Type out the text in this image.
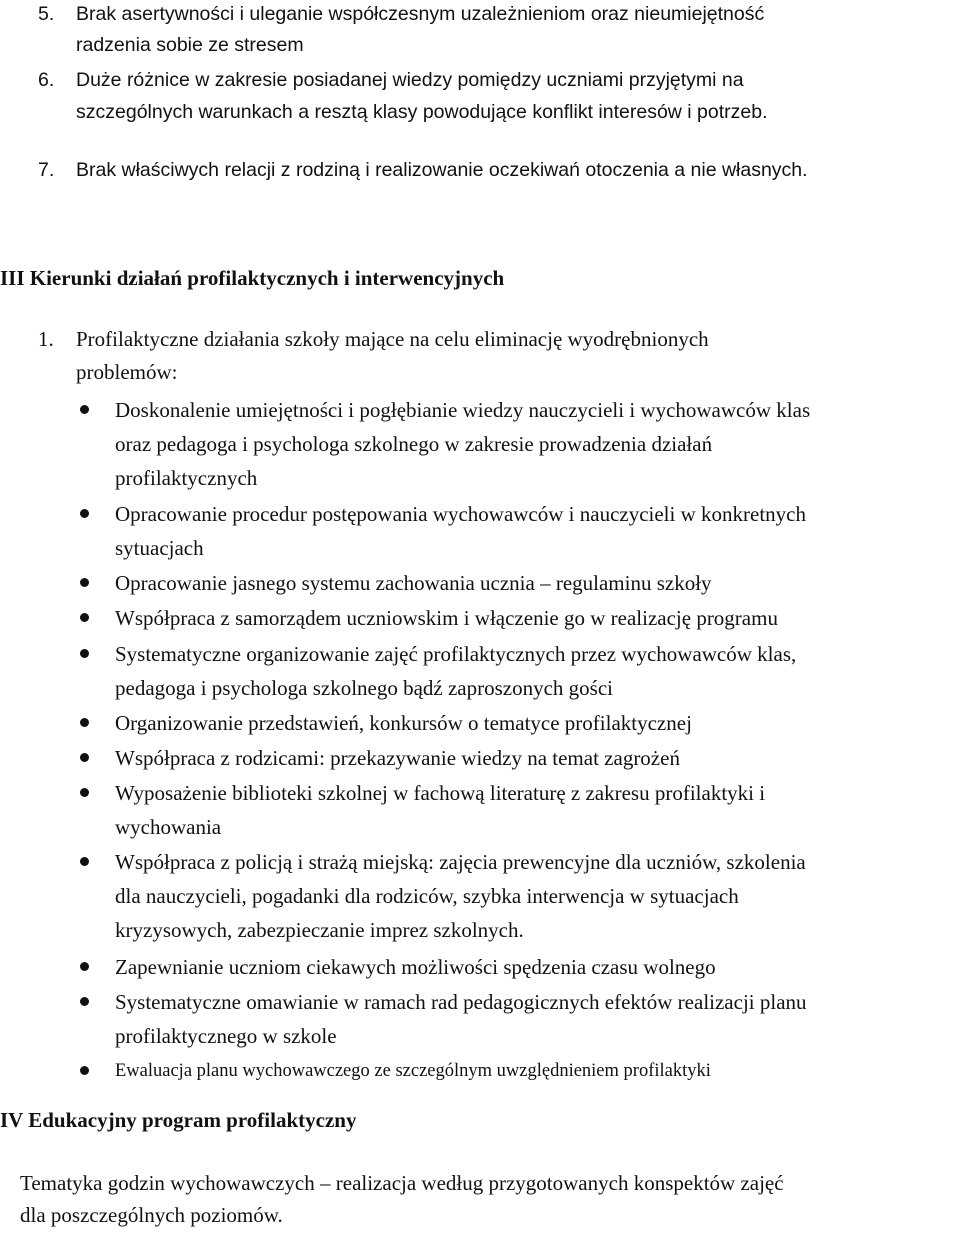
5. Brak asertywności i uleganie współczesnym uzależnieniom oraz nieumiejętność
radzenia sobie ze stresem
6. Duże różnice w zakresie posiadanej wiedzy pomiędzy uczniami przyjętymi na
szczególnych warunkach a resztą klasy powodujące konflikt interesów i potrzeb.
7. Brak właściwych relacji z rodziną i realizowanie oczekiwań otoczenia a nie własnych.
III Kierunki działań profilaktycznych i interwencyjnych
1. Profilaktyczne działania szkoły mające na celu eliminację wyodrębnionych
problemów:
Doskonalenie umiejętności i pogłębianie wiedzy nauczycieli i wychowawców klas
oraz pedagoga i psychologa szkolnego w zakresie prowadzenia działań
profilaktycznych
Opracowanie procedur postępowania wychowawców i nauczycieli w konkretnych
sytuacjach
Opracowanie jasnego systemu zachowania ucznia – regulaminu szkoły
Współpraca z samorządem uczniowskim i włączenie go w realizację programu
Systematyczne organizowanie zajęć profilaktycznych przez wychowawców klas,
pedagoga i psychologa szkolnego bądź zaproszonych gości
Organizowanie przedstawień, konkursów o tematyce profilaktycznej
Współpraca z rodzicami: przekazywanie wiedzy na temat zagrożeń
Wyposażenie biblioteki szkolnej w fachową literaturę z zakresu profilaktyki i
wychowania
Współpraca z policją i strażą miejską: zajęcia prewencyjne dla uczniów, szkolenia
dla nauczycieli, pogadanki dla rodziców, szybka interwencja w sytuacjach
kryzysowych, zabezpieczanie imprez szkolnych.
Zapewnianie uczniom ciekawych możliwości spędzenia czasu wolnego
Systematyczne omawianie w ramach rad pedagogicznych efektów realizacji planu
profilaktycznego w szkole
Ewaluacja planu wychowawczego ze szczególnym uwzględnieniem profilaktyki
IV Edukacyjny program profilaktyczny
Tematyka godzin wychowawczych – realizacja według przygotowanych konspektów zajęć
dla poszczególnych poziomów.
